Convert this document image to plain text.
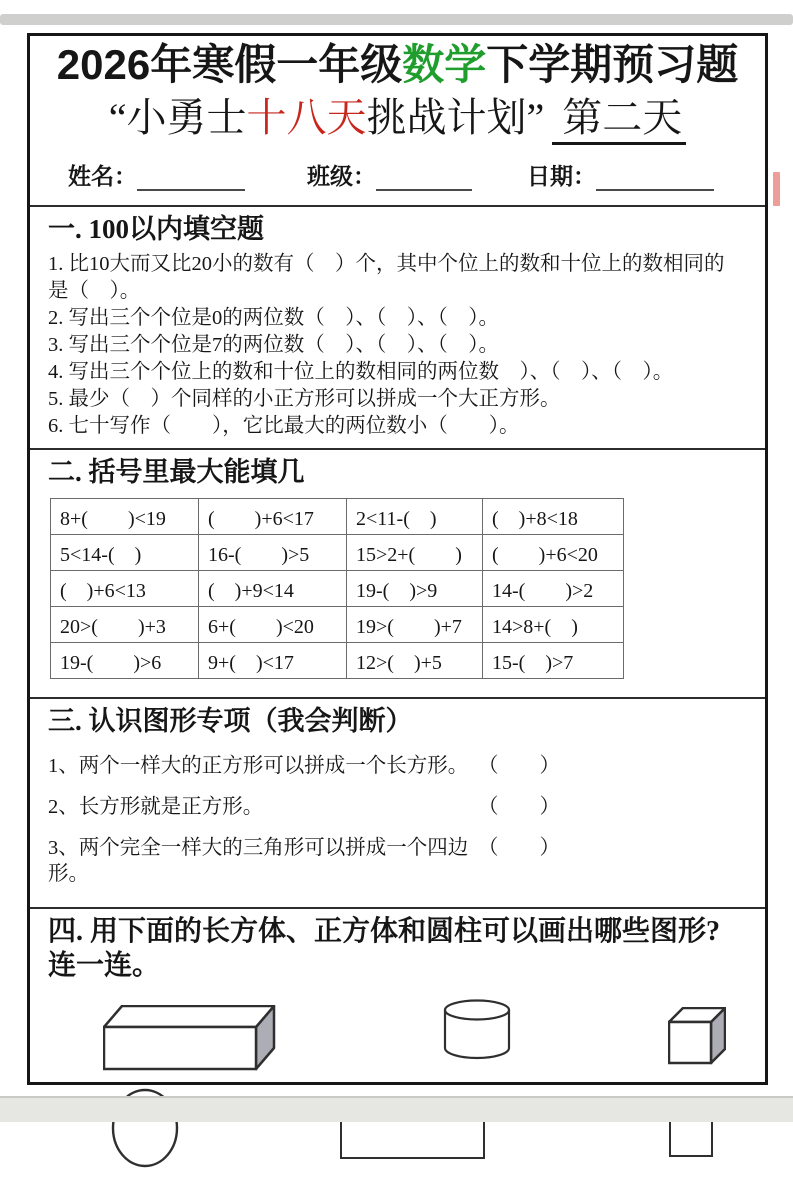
2026年寒假一年级数学下学期预习题
“小勇士十八天挑战计划” 第二天
姓名：	班级：	日期：
一. 100以内填空题

1. 比10大而又比20小的数有（　）个，其中个位上的数和十位上的数相同的是（　）。

2. 写出三个个位是0的两位数（　）、（　）、（　）。

3. 写出三个个位是7的两位数（　）、（　）、（　）。

4. 写出三个个位上的数和十位上的数相同的两位数　）、（　）、（　）。

5. 最少（　）个同样的小正方形可以拼成一个大正方形。

6. 七十写作（　　），它比最大的两位数小（　　）。

二. 括号里最大能填几
8+(　　)<19	(　　)+6<17	2<11-(　)	(　)+8<18
5<14-(　)	16-(　　)>5	15>2+(　　)	(　　)+6<20
(　)+6<13	(　)+9<14	19-(　)>9	14-(　　)>2
20>(　　)+3	6+(　　)<20	19>(　　)+7	14>8+(　)
19-(　　)>6	9+(　)<17	12>(　)+5	15-(　)>7
三. 认识图形专项（我会判断）
1、两个一样大的正方形可以拼成一个长方形。 （　　）
2、长方形就是正方形。	（　　）
3、两个完全一样大的三角形可以拼成一个四边形。
（　　）
四. 用下面的长方体、正方体和圆柱可以画出哪些图形? 连一连。
